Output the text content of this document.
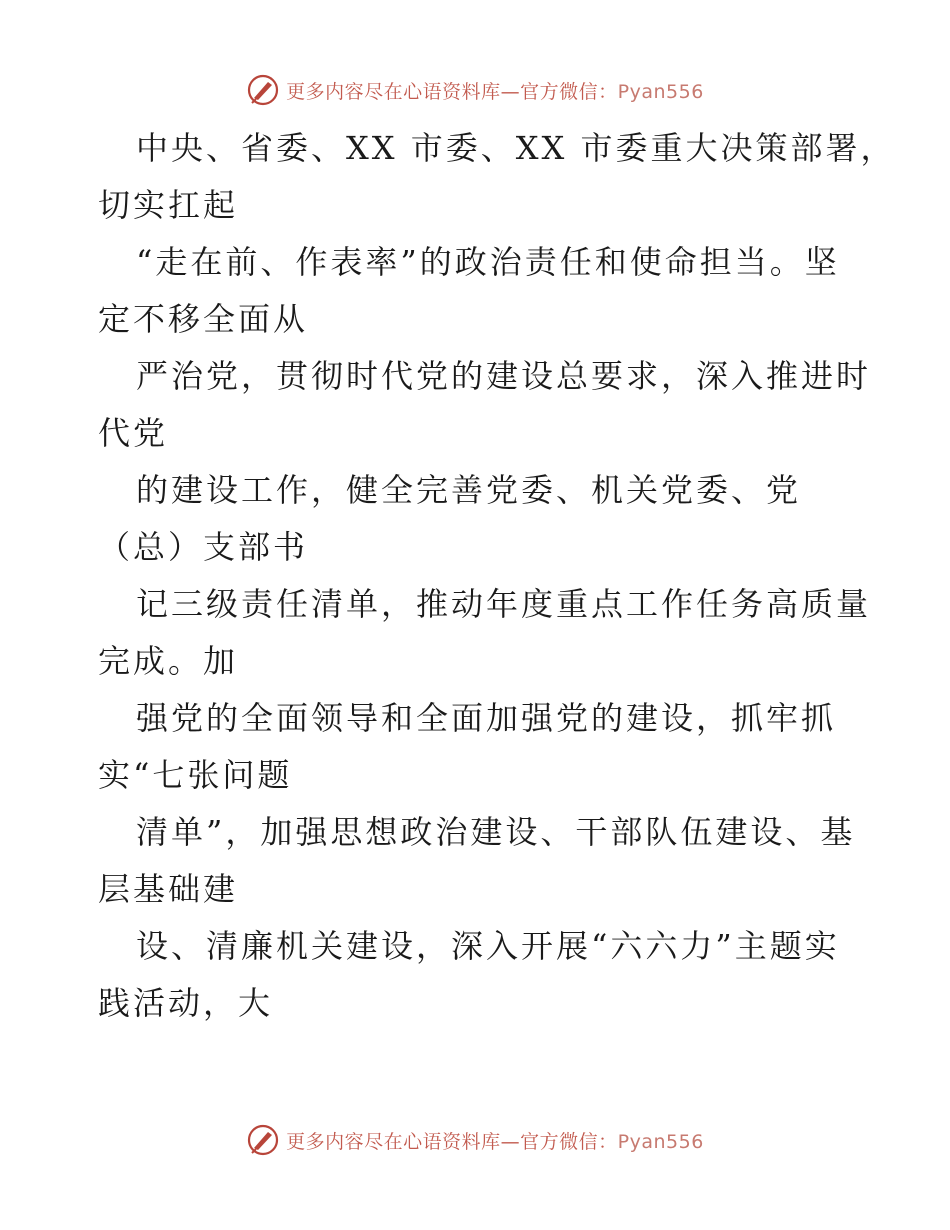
更多内容尽在心语资料库—官方微信：Pyan556
中央、省委、XX 市委、XX 市委重大决策部署，
切实扛起
“走在前、作表率”的政治责任和使命担当。坚
定不移全面从
严治党，贯彻时代党的建设总要求，深入推进时
代党
的建设工作，健全完善党委、机关党委、党
（总）支部书
记三级责任清单，推动年度重点工作任务高质量
完成。加
强党的全面领导和全面加强党的建设，抓牢抓
实“七张问题
清单”，加强思想政治建设、干部队伍建设、基
层基础建
设、清廉机关建设，深入开展“六六力”主题实
践活动，大
更多内容尽在心语资料库—官方微信：Pyan556
